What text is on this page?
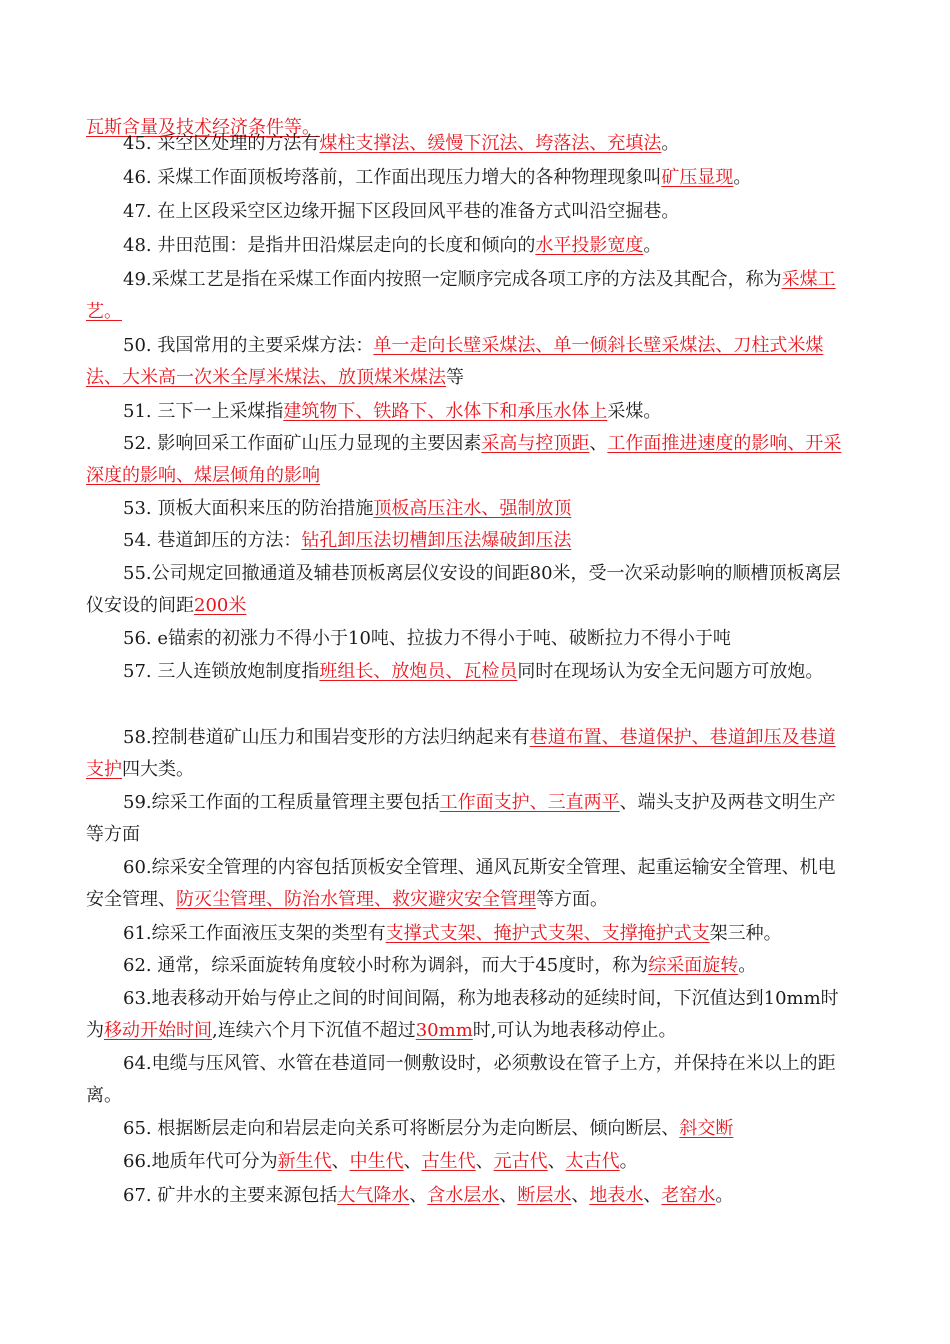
瓦斯含量及技术经济条件等。

45. 采空区处理的方法有煤柱支撑法、缓慢下沉法、垮落法、充填法。

46. 采煤工作面顶板垮落前，工作面出现压力增大的各种物理现象叫矿压显现。

47. 在上区段采空区边缘开掘下区段回风平巷的准备方式叫沿空掘巷。

48. 井田范围：是指井田沿煤层走向的长度和倾向的水平投影宽度。

49.采煤工艺是指在采煤工作面内按照一定顺序完成各项工序的方法及其配合，称为采煤工艺。

50. 我国常用的主要采煤方法：单一走向长壁采煤法、单一倾斜长壁采煤法、刀柱式米煤法、大米高一次米全厚米煤法、放顶煤米煤法等

51. 三下一上采煤指建筑物下、铁路下、水体下和承压水体上采煤。

52. 影响回采工作面矿山压力显现的主要因素采高与控顶距、工作面推进速度的影响、开采深度的影响、煤层倾角的影响

53. 顶板大面积来压的防治措施顶板高压注水、强制放顶

54. 巷道卸压的方法：钻孔卸压法切槽卸压法爆破卸压法

55.公司规定回撤通道及辅巷顶板离层仪安设的间距80米，受一次采动影响的顺槽顶板离层仪安设的间距200米

56. e锚索的初涨力不得小于10吨、拉拔力不得小于吨、破断拉力不得小于吨

57. 三人连锁放炮制度指班组长、放炮员、瓦检员同时在现场认为安全无问题方可放炮。

58.控制巷道矿山压力和围岩变形的方法归纳起来有巷道布置、巷道保护、巷道卸压及巷道支护四大类。

59.综采工作面的工程质量管理主要包括工作面支护、三直两平、端头支护及两巷文明生产等方面

60.综采安全管理的内容包括顶板安全管理、通风瓦斯安全管理、起重运输安全管理、机电安全管理、防灭尘管理、防治水管理、救灾避灾安全管理等方面。

61.综采工作面液压支架的类型有支撑式支架、掩护式支架、支撑掩护式支架三种。

62. 通常，综采面旋转角度较小时称为调斜，而大于45度时，称为综采面旋转。

63.地表移动开始与停止之间的时间间隔，称为地表移动的延续时间，下沉值达到10mm时为移动开始时间,连续六个月下沉值不超过30mm时,可认为地表移动停止。

64.电缆与压风管、水管在巷道同一侧敷设时，必须敷设在管子上方，并保持在米以上的距离。

65. 根据断层走向和岩层走向关系可将断层分为走向断层、倾向断层、斜交断

66.地质年代可分为新生代、中生代、古生代、元古代、太古代。

67. 矿井水的主要来源包括大气降水、含水层水、断层水、地表水、老窑水。
